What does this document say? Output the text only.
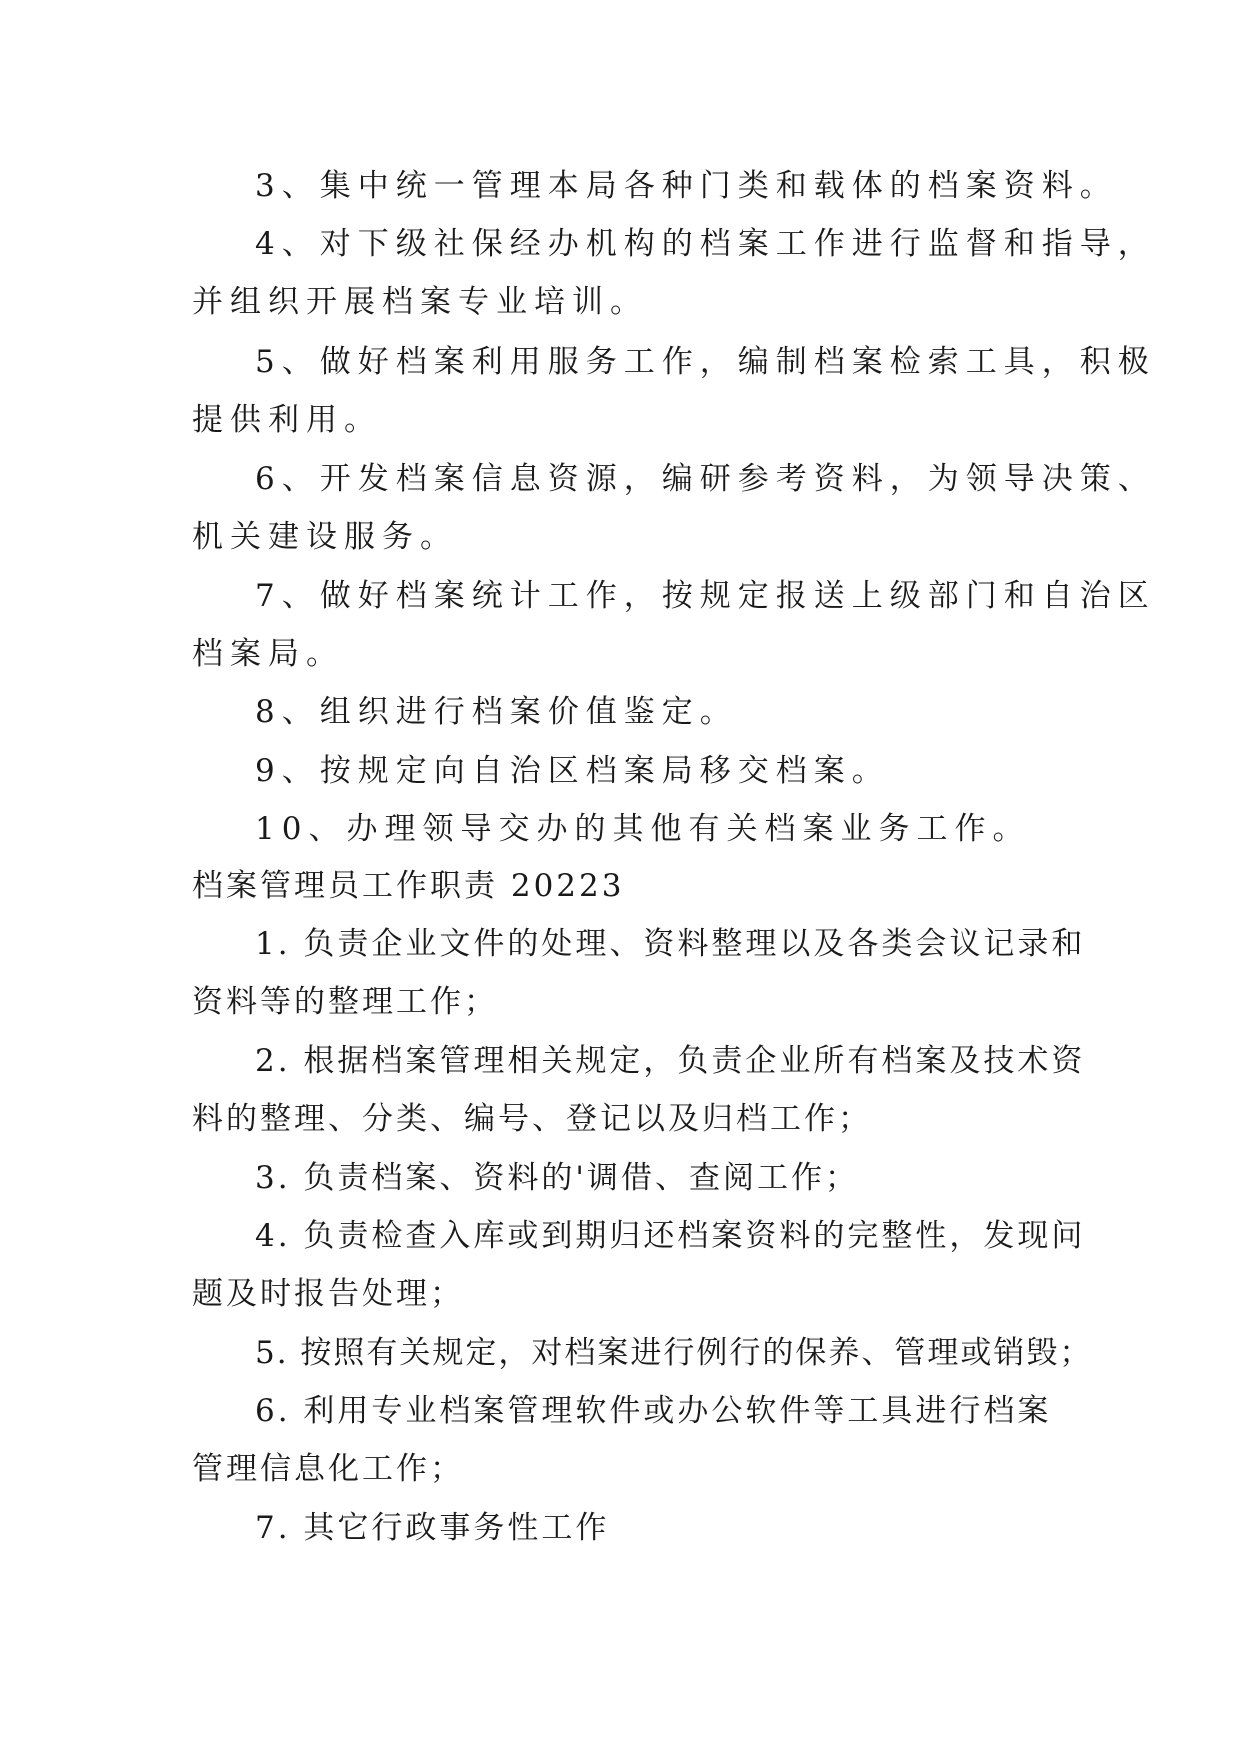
3、集中统一管理本局各种门类和载体的档案资料。

4、对下级社保经办机构的档案工作进行监督和指导，

并组织开展档案专业培训。

5、做好档案利用服务工作，编制档案检索工具，积极

提供利用。

6、开发档案信息资源，编研参考资料，为领导决策、

机关建设服务。

7、做好档案统计工作，按规定报送上级部门和自治区

档案局。

8、组织进行档案价值鉴定。

9、按规定向自治区档案局移交档案。

10、办理领导交办的其他有关档案业务工作。

档案管理员工作职责 20223

1. 负责企业文件的处理、资料整理以及各类会议记录和

资料等的整理工作；

2. 根据档案管理相关规定，负责企业所有档案及技术资

料的整理、分类、编号、登记以及归档工作；

3. 负责档案、资料的'调借、查阅工作；

4. 负责检查入库或到期归还档案资料的完整性，发现问

题及时报告处理；

5. 按照有关规定，对档案进行例行的保养、管理或销毁；

6. 利用专业档案管理软件或办公软件等工具进行档案

管理信息化工作；

7. 其它行政事务性工作
